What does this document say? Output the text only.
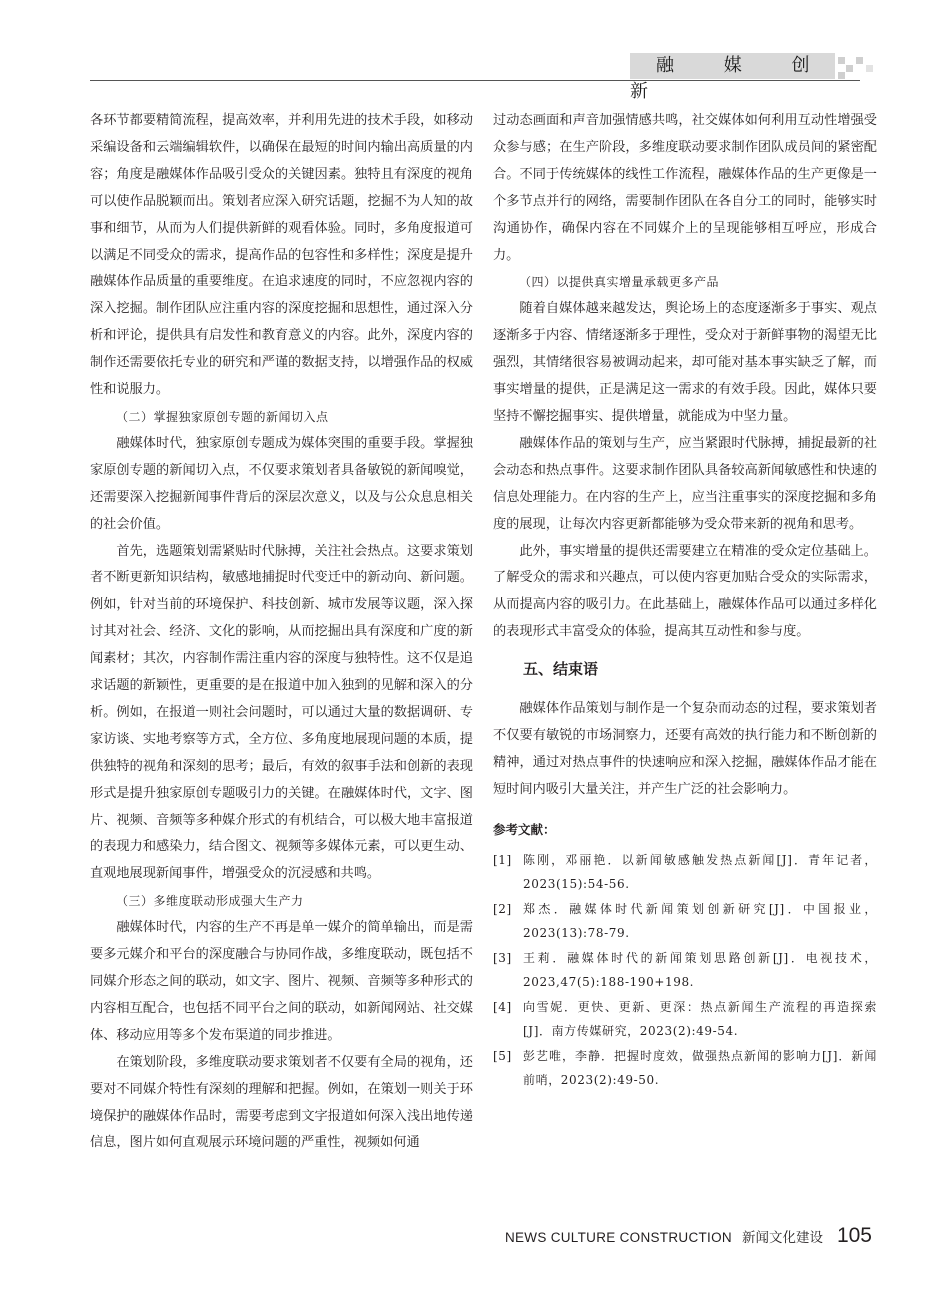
融 媒 创 新

各环节都要精简流程，提高效率，并利用先进的技术手段，如移动采编设备和云端编辑软件，以确保在最短的时间内输出高质量的内容；角度是融媒体作品吸引受众的关键因素。独特且有深度的视角可以使作品脱颖而出。策划者应深入研究话题，挖掘不为人知的故事和细节，从而为人们提供新鲜的观看体验。同时，多角度报道可以满足不同受众的需求，提高作品的包容性和多样性；深度是提升融媒体作品质量的重要维度。在追求速度的同时，不应忽视内容的深入挖掘。制作团队应注重内容的深度挖掘和思想性，通过深入分析和评论，提供具有启发性和教育意义的内容。此外，深度内容的制作还需要依托专业的研究和严谨的数据支持，以增强作品的权威性和说服力。

（二）掌握独家原创专题的新闻切入点

融媒体时代，独家原创专题成为媒体突围的重要手段。掌握独家原创专题的新闻切入点，不仅要求策划者具备敏锐的新闻嗅觉，还需要深入挖掘新闻事件背后的深层次意义，以及与公众息息相关的社会价值。

首先，选题策划需紧贴时代脉搏，关注社会热点。这要求策划者不断更新知识结构，敏感地捕捉时代变迁中的新动向、新问题。例如，针对当前的环境保护、科技创新、城市发展等议题，深入探讨其对社会、经济、文化的影响，从而挖掘出具有深度和广度的新闻素材；其次，内容制作需注重内容的深度与独特性。这不仅是追求话题的新颖性，更重要的是在报道中加入独到的见解和深入的分析。例如，在报道一则社会问题时，可以通过大量的数据调研、专家访谈、实地考察等方式，全方位、多角度地展现问题的本质，提供独特的视角和深刻的思考；最后，有效的叙事手法和创新的表现形式是提升独家原创专题吸引力的关键。在融媒体时代，文字、图片、视频、音频等多种媒介形式的有机结合，可以极大地丰富报道的表现力和感染力，结合图文、视频等多媒体元素，可以更生动、直观地展现新闻事件，增强受众的沉浸感和共鸣。

（三）多维度联动形成强大生产力

融媒体时代，内容的生产不再是单一媒介的简单输出，而是需要多元媒介和平台的深度融合与协同作战，多维度联动，既包括不同媒介形态之间的联动，如文字、图片、视频、音频等多种形式的内容相互配合，也包括不同平台之间的联动，如新闻网站、社交媒体、移动应用等多个发布渠道的同步推进。

在策划阶段，多维度联动要求策划者不仅要有全局的视角，还要对不同媒介特性有深刻的理解和把握。例如，在策划一则关于环境保护的融媒体作品时，需要考虑到文字报道如何深入浅出地传递信息，图片如何直观展示环境问题的严重性，视频如何通

过动态画面和声音加强情感共鸣，社交媒体如何利用互动性增强受众参与感；在生产阶段，多维度联动要求制作团队成员间的紧密配合。不同于传统媒体的线性工作流程，融媒体作品的生产更像是一个多节点并行的网络，需要制作团队在各自分工的同时，能够实时沟通协作，确保内容在不同媒介上的呈现能够相互呼应，形成合力。

（四）以提供真实增量承载更多产品

随着自媒体越来越发达，舆论场上的态度逐渐多于事实、观点逐渐多于内容、情绪逐渐多于理性，受众对于新鲜事物的渴望无比强烈，其情绪很容易被调动起来，却可能对基本事实缺乏了解，而事实增量的提供，正是满足这一需求的有效手段。因此，媒体只要坚持不懈挖掘事实、提供增量，就能成为中坚力量。

融媒体作品的策划与生产，应当紧跟时代脉搏，捕捉最新的社会动态和热点事件。这要求制作团队具备较高新闻敏感性和快速的信息处理能力。在内容的生产上，应当注重事实的深度挖掘和多角度的展现，让每次内容更新都能够为受众带来新的视角和思考。

此外，事实增量的提供还需要建立在精准的受众定位基础上。了解受众的需求和兴趣点，可以使内容更加贴合受众的实际需求，从而提高内容的吸引力。在此基础上，融媒体作品可以通过多样化的表现形式丰富受众的体验，提高其互动性和参与度。

五、结束语

融媒体作品策划与制作是一个复杂而动态的过程，要求策划者不仅要有敏锐的市场洞察力，还要有高效的执行能力和不断创新的精神，通过对热点事件的快速响应和深入挖掘，融媒体作品才能在短时间内吸引大量关注，并产生广泛的社会影响力。

参考文献：
[1] 陈刚，邓丽艳．以新闻敏感触发热点新闻[J]．青年记者，2023(15):54-56.
[2] 郑杰．融媒体时代新闻策划创新研究[J]．中国报业，2023(13):78-79.
[3] 王莉．融媒体时代的新闻策划思路创新[J]．电视技术，2023,47(5):188-190+198.
[4] 向雪妮．更快、更新、更深：热点新闻生产流程的再造探索[J]．南方传媒研究，2023(2):49-54.
[5] 彭艺唯，李静．把握时度效，做强热点新闻的影响力[J]．新闻前哨，2023(2):49-50.
NEWS CULTURE CONSTRUCTION 新闻文化建设 105
